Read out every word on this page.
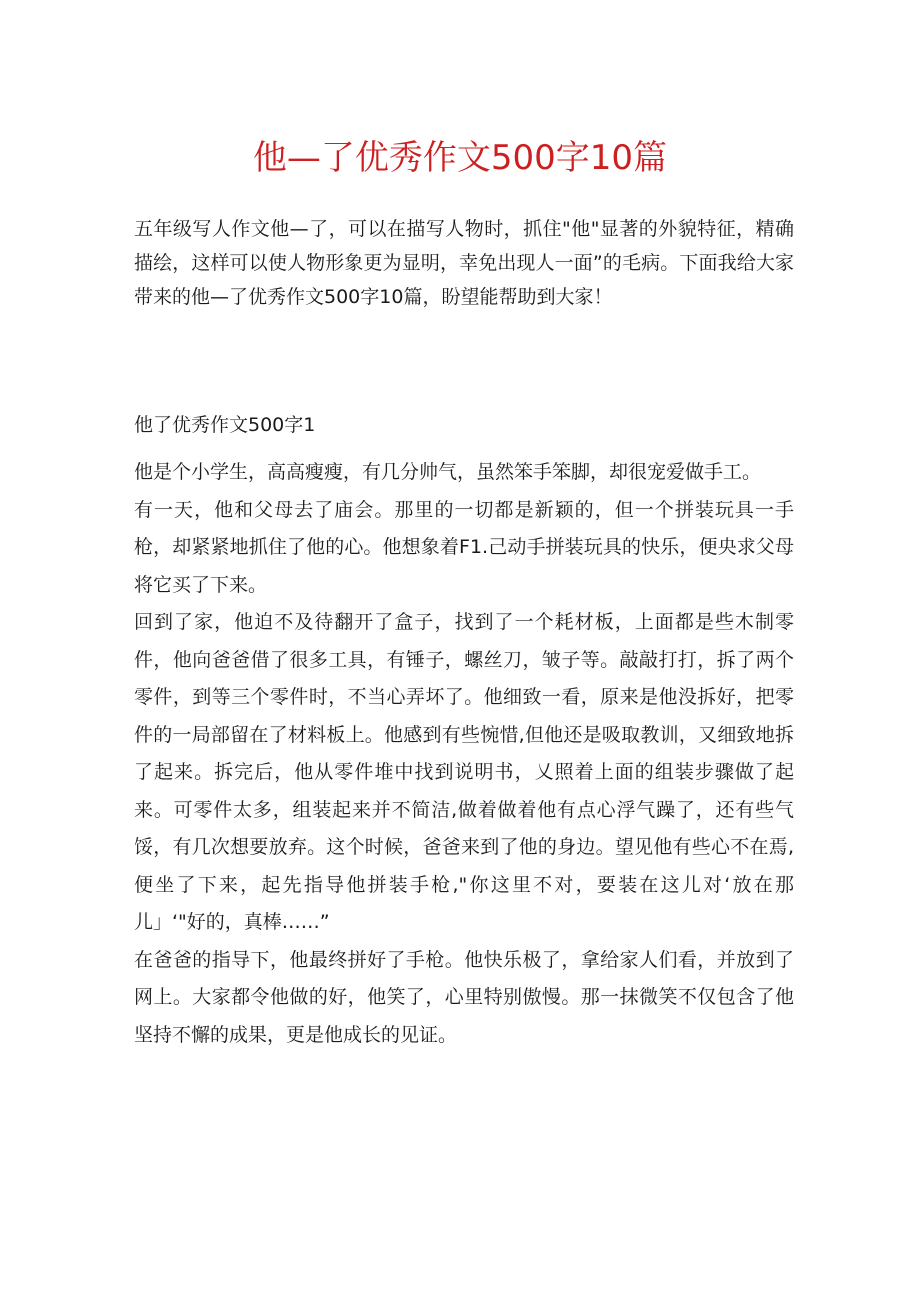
他—了优秀作文500字10篇

五年级写人作文他—了，可以在描写人物时，抓住"他"显著的外貌特征，精确描绘，这样可以使人物形象更为显明，幸免出现人一面”的毛病。下面我给大家带来的他—了优秀作文500字10篇，盼望能帮助到大家！

他了优秀作文500字1

他是个小学生，高高瘦瘦，有几分帅气，虽然笨手笨脚，却很宠爱做手工。

有一天，他和父母去了庙会。那里的一切都是新颖的，但一个拼装玩具一手枪，却紧紧地抓住了他的心。他想象着F1.己动手拼装玩具的快乐，便央求父母将它买了下来。

回到了家，他迫不及待翻开了盒子，找到了一个耗材板，上面都是些木制零件，他向爸爸借了很多工具，有锤子，螺丝刀，皱子等。敲敲打打，拆了两个零件，到等三个零件时，不当心弄坏了。他细致一看，原来是他没拆好，把零件的一局部留在了材料板上。他感到有些惋惜,但他还是吸取教训，又细致地拆了起来。拆完后，他从零件堆中找到说明书，乂照着上面的组装步骤做了起来。可零件太多，组装起来并不简洁,做着做着他有点心浮气躁了，还有些气馁，有几次想要放弃。这个时候，爸爸来到了他的身边。望见他有些心不在焉,便坐了下来，起先指导他拼装手枪,"你这里不对，要装在这儿对‘放在那儿」‘"好的，真棒……”

在爸爸的指导下，他最终拼好了手枪。他快乐极了，拿给家人们看，并放到了网上。大家都令他做的好，他笑了，心里特别傲慢。那一抹微笑不仅包含了他坚持不懈的成果，更是他成长的见证。
